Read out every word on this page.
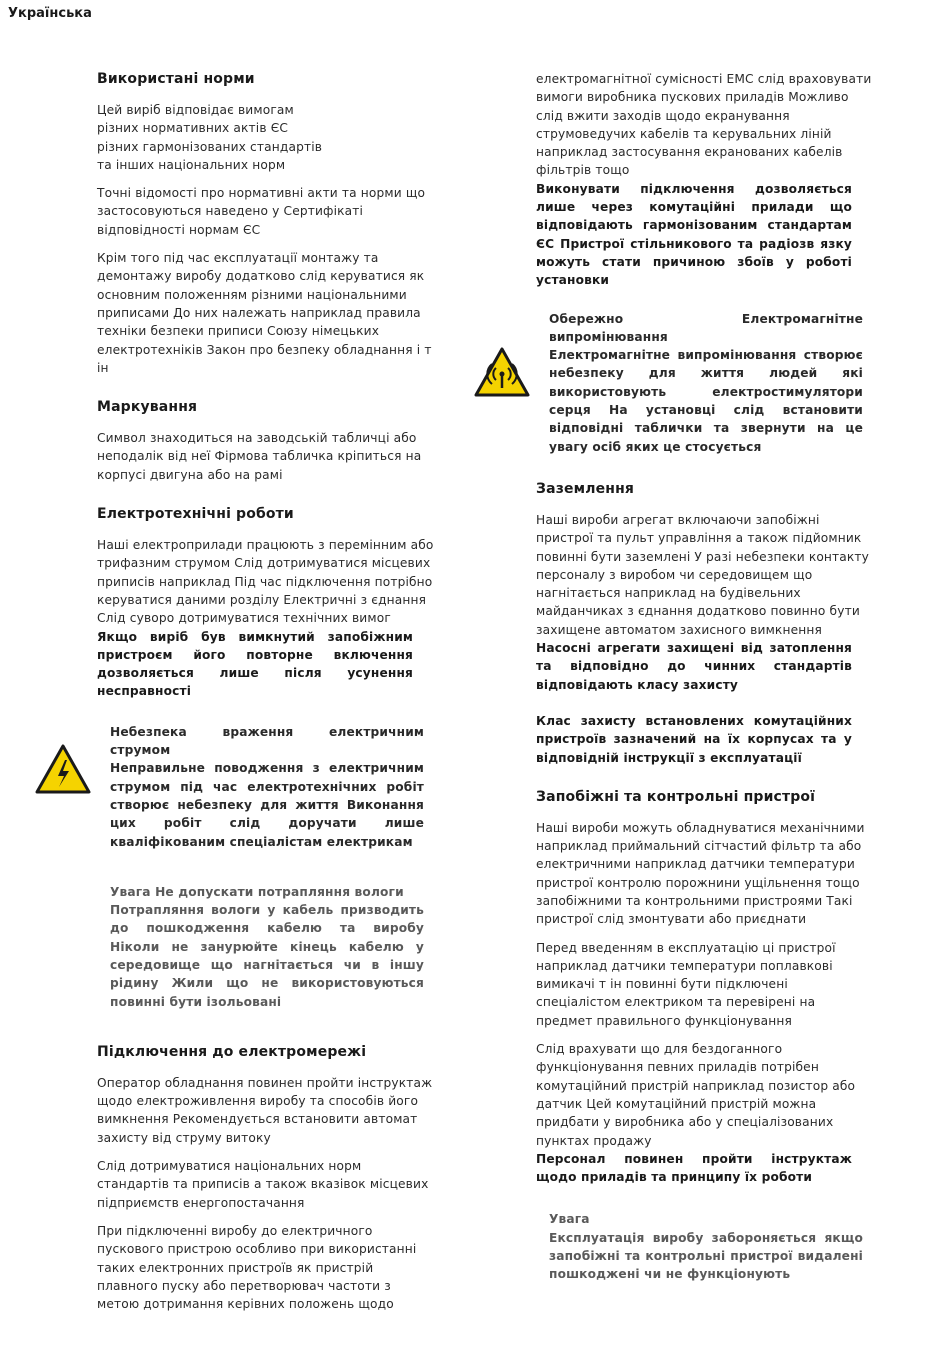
Українська
Використані норми

Цей виріб відповідає вимогам
різних нормативних актів ЄС
різних гармонізованих стандартів
та інших національних норм

Точні відомості про нормативні акти та норми що застосовуються наведено у Сертифікаті відповідності нормам ЄС

Крім того під час експлуатації монтажу та демонтажу виробу додатково слід керуватися як основним положенням різними національними приписами До них належать наприклад правила техніки безпеки приписи Союзу німецьких електротехніків Закон про безпеку обладнання і т ін

Маркування

Символ знаходиться на заводській табличці або неподалік від неї Фірмова табличка кріпиться на корпусі двигуна або на рамі

Електротехнічні роботи

Наші електроприлади працюють з перемінним або трифазним струмом Слід дотримуватися місцевих приписів наприклад Під час підключення потрібно керуватися даними розділу Електричні з єднання Слід суворо дотримуватися технічних вимог

Якщо виріб був вимкнутий запобіжним пристроєм його повторне включення дозволяється лише після усунення несправності

Небезпека враження електричним струмом
Неправильне поводження з електричним струмом під час електротехнічних робіт створює небезпеку для життя Виконання цих робіт слід доручати лише кваліфікованим спеціалістам електрикам
Увага Не допускати потрапляння вологи
Потрапляння вологи у кабель призводить до пошкодження кабелю та виробу Ніколи не занурюйте кінець кабелю у середовище що нагнітається чи в іншу рідину Жили що не використовуються повинні бути ізольовані
Підключення до електромережі

Оператор обладнання повинен пройти інструктаж щодо електроживлення виробу та способів його вимкнення Рекомендується встановити автомат захисту від струму витоку

Слід дотримуватися національних норм стандартів та приписів а також вказівок місцевих підприємств енергопостачання

При підключенні виробу до електричного пускового пристрою особливо при використанні таких електронних пристроїв як пристрій плавного пуску або перетворювач частоти з метою дотримання керівних положень щодо

електромагнітної сумісності ЕМС слід враховувати вимоги виробника пускових приладів Можливо слід вжити заходів щодо екранування струмоведучих кабелів та керувальних ліній наприклад застосування екранованих кабелів фільтрів тощо

Виконувати підключення дозволяється лише через комутаційні прилади що відповідають гармонізованим стандартам ЄС Пристрої стільникового та радіозв язку можуть стати причиною збоїв у роботі установки

Обережно Електромагнітне випромінювання
Електромагнітне випромінювання створює небезпеку для життя людей які використовують електростимулятори серця На установці слід встановити відповідні таблички та звернути на це увагу осіб яких це стосується
Заземлення

Наші вироби агрегат включаючи запобіжні пристрої та пульт управління а також підйомник повинні бути заземлені У разі небезпеки контакту персоналу з виробом чи середовищем що нагнітається наприклад на будівельних майданчиках з єднання додатково повинно бути захищене автоматом захисного вимкнення

Насосні агрегати захищені від затоплення та відповідно до чинних стандартів відповідають класу захисту

Клас захисту встановлених комутаційних пристроїв зазначений на їх корпусах та у відповідній інструкції з експлуатації

Запобіжні та контрольні пристрої

Наші вироби можуть обладнуватися механічними наприклад приймальний сітчастий фільтр та або електричними наприклад датчики температури пристрої контролю порожнини ущільнення тощо запобіжними та контрольними пристроями Такі пристрої слід змонтувати або приєднати

Перед введенням в експлуатацію ці пристрої наприклад датчики температури поплавкові вимикачі т ін повинні бути підключені спеціалістом електриком та перевірені на предмет правильного функціонування

Слід врахувати що для бездоганного функціонування певних приладів потрібен комутаційний пристрій наприклад позистор або датчик Цей комутаційний пристрій можна придбати у виробника або у спеціалізованих пунктах продажу

Персонал повинен пройти інструктаж щодо приладів та принципу їх роботи

Увага
Експлуатація виробу забороняється якщо запобіжні та контрольні пристрої видалені пошкоджені чи не функціонують
